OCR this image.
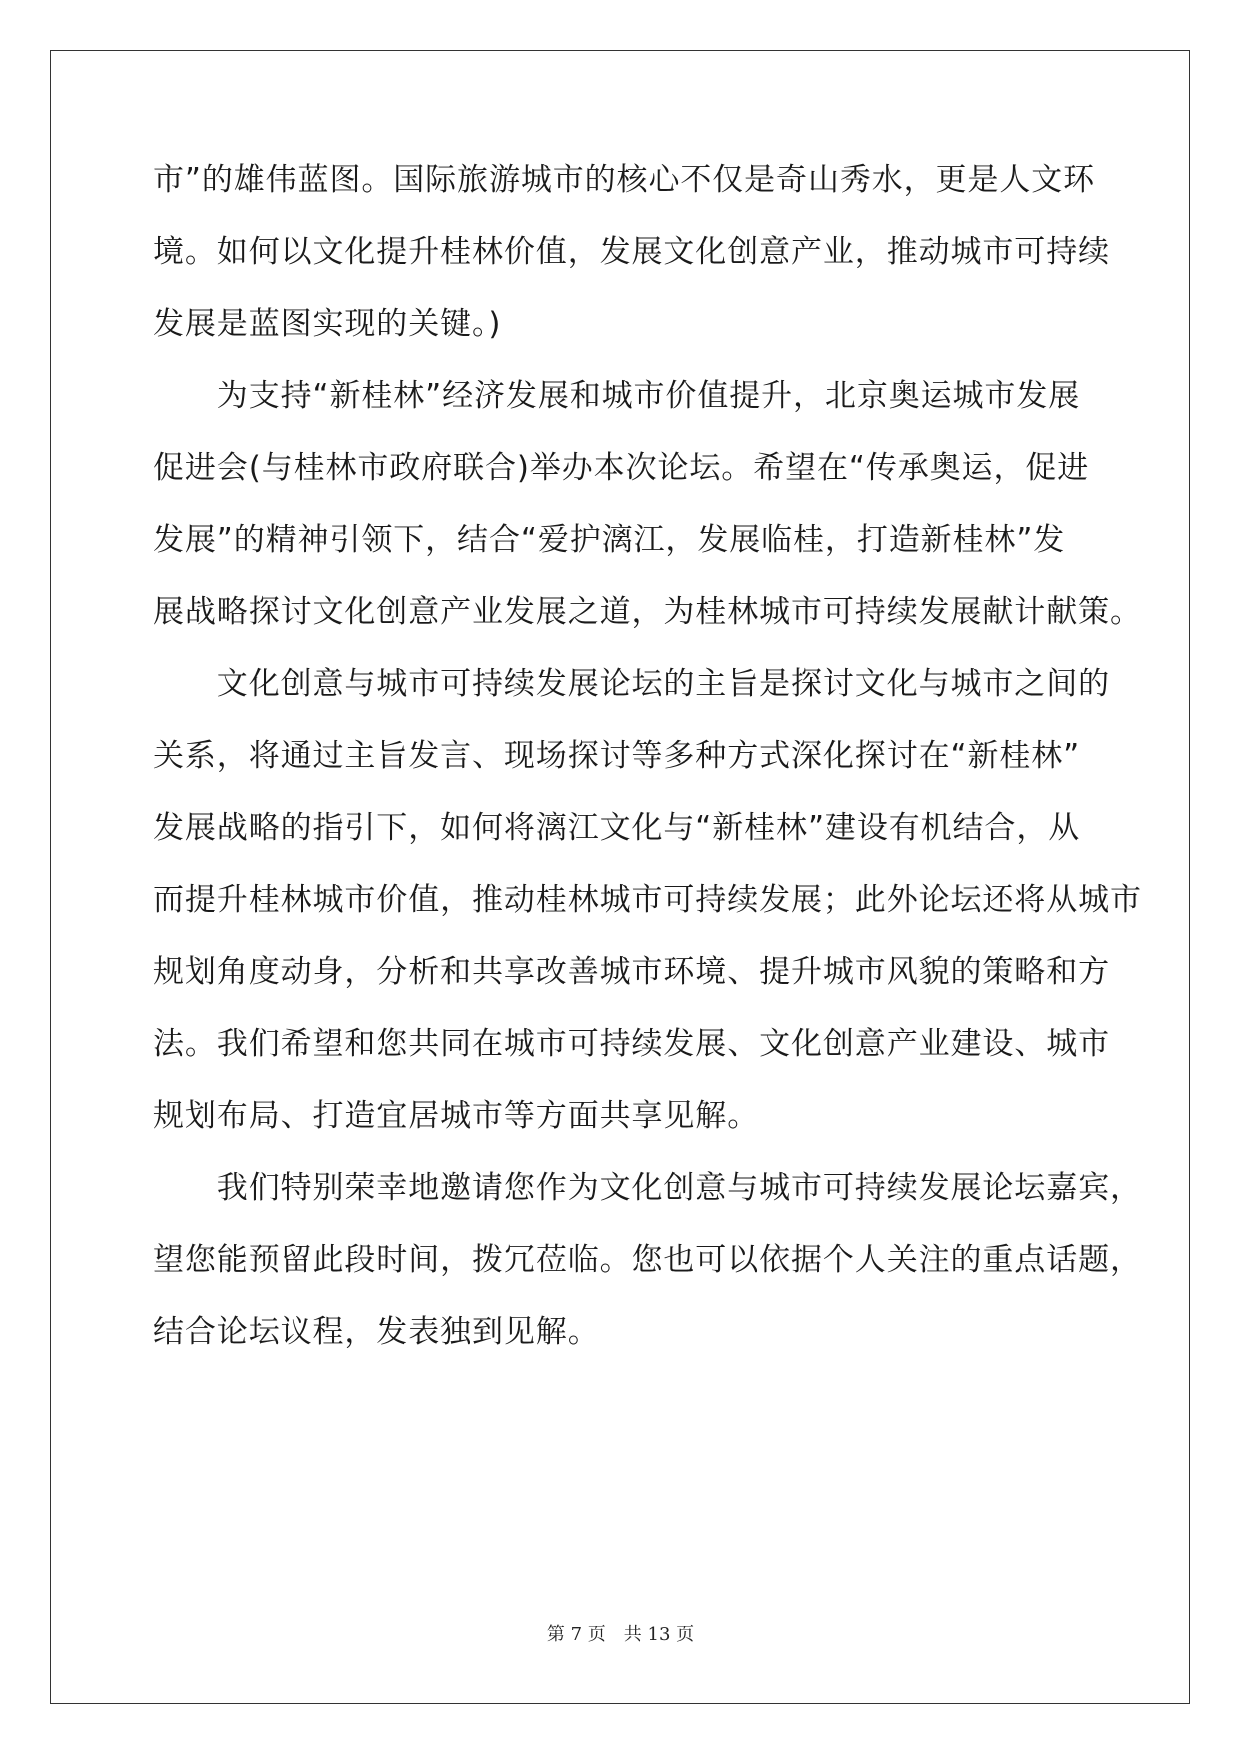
市”的雄伟蓝图。国际旅游城市的核心不仅是奇山秀水，更是人文环
境。如何以文化提升桂林价值，发展文化创意产业，推动城市可持续
发展是蓝图实现的关键。)
　　为支持“新桂林”经济发展和城市价值提升，北京奥运城市发展
促进会(与桂林市政府联合)举办本次论坛。希望在“传承奥运，促进
发展”的精神引领下，结合“爱护漓江，发展临桂，打造新桂林”发
展战略探讨文化创意产业发展之道，为桂林城市可持续发展献计献策。
　　文化创意与城市可持续发展论坛的主旨是探讨文化与城市之间的
关系，将通过主旨发言、现场探讨等多种方式深化探讨在“新桂林”
发展战略的指引下，如何将漓江文化与“新桂林”建设有机结合，从
而提升桂林城市价值，推动桂林城市可持续发展；此外论坛还将从城市
规划角度动身，分析和共享改善城市环境、提升城市风貌的策略和方
法。我们希望和您共同在城市可持续发展、文化创意产业建设、城市
规划布局、打造宜居城市等方面共享见解。
　　我们特别荣幸地邀请您作为文化创意与城市可持续发展论坛嘉宾，
望您能预留此段时间，拨冗莅临。您也可以依据个人关注的重点话题，
结合论坛议程，发表独到见解。
第 7 页　共 13 页
